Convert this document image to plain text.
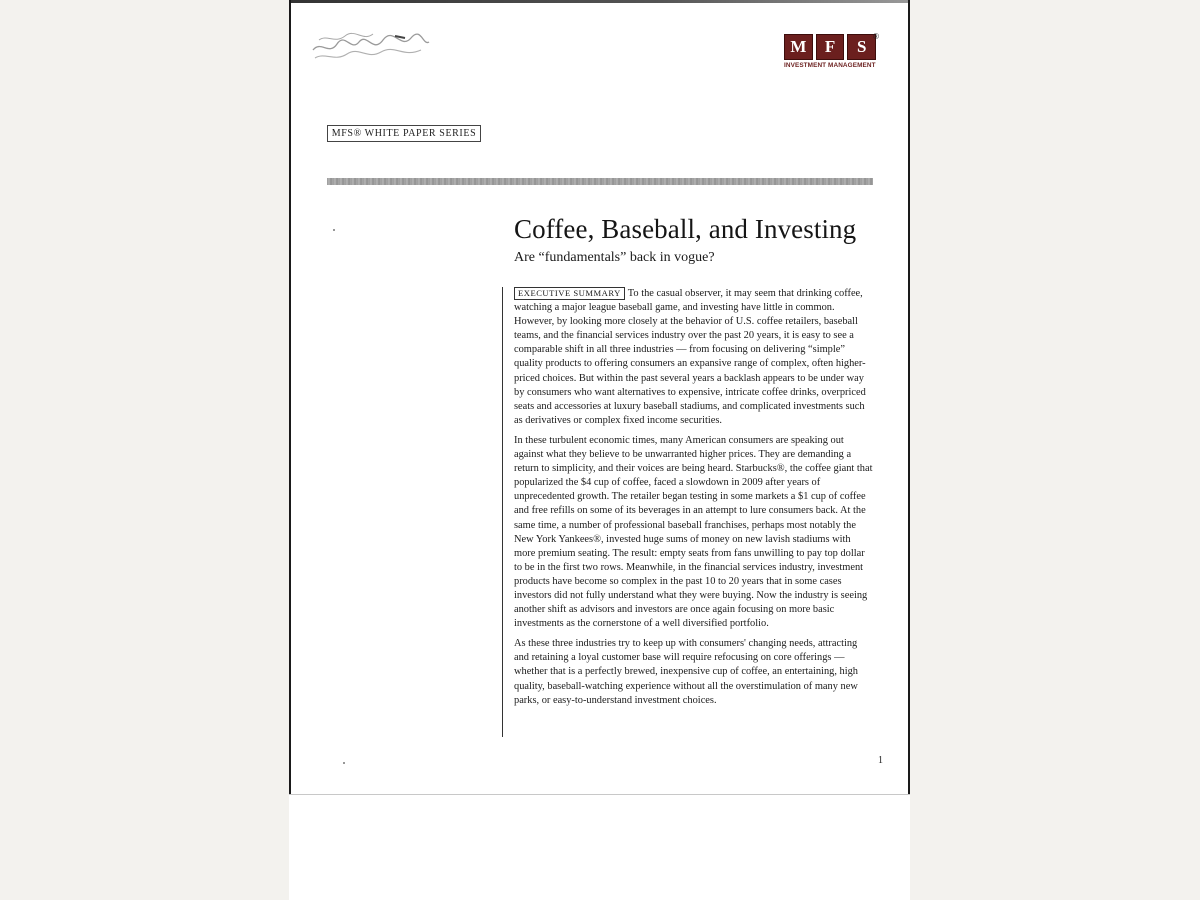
M	F	S
®
INVESTMENT MANAGEMENT
MFS® WHITE PAPER SERIES
Coffee, Baseball, and Investing
Are “fundamentals” back in vogue?

EXECUTIVE SUMMARY To the casual observer, it may seem that drinking coffee, watching a major league baseball game, and investing have little in common. However, by looking more closely at the behavior of U.S. coffee retailers, baseball teams, and the financial services industry over the past 20 years, it is easy to see a comparable shift in all three industries — from focusing on delivering “simple” quality products to offering consumers an expansive range of complex, often higher-priced choices. But within the past several years a backlash appears to be under way by consumers who want alternatives to expensive, intricate coffee drinks, overpriced seats and accessories at luxury baseball stadiums, and complicated investments such as derivatives or complex fixed income securities.

In these turbulent economic times, many American consumers are speaking out against what they believe to be unwarranted higher prices. They are demanding a return to simplicity, and their voices are being heard. Starbucks®, the coffee giant that popularized the $4 cup of coffee, faced a slowdown in 2009 after years of unprecedented growth. The retailer began testing in some markets a $1 cup of coffee and free refills on some of its beverages in an attempt to lure consumers back. At the same time, a number of professional baseball franchises, perhaps most notably the New York Yankees®, invested huge sums of money on new lavish stadiums with more premium seating. The result: empty seats from fans unwilling to pay top dollar to be in the first two rows. Meanwhile, in the financial services industry, investment products have become so complex in the past 10 to 20 years that in some cases investors did not fully understand what they were buying. Now the industry is seeing another shift as advisors and investors are once again focusing on more basic investments as the cornerstone of a well diversified portfolio.

As these three industries try to keep up with consumers' changing needs, attracting and retaining a loyal customer base will require refocusing on core offerings — whether that is a perfectly brewed, inexpensive cup of coffee, an entertaining, high quality, baseball-watching experience without all the overstimulation of many new parks, or easy-to-understand investment choices.

1
